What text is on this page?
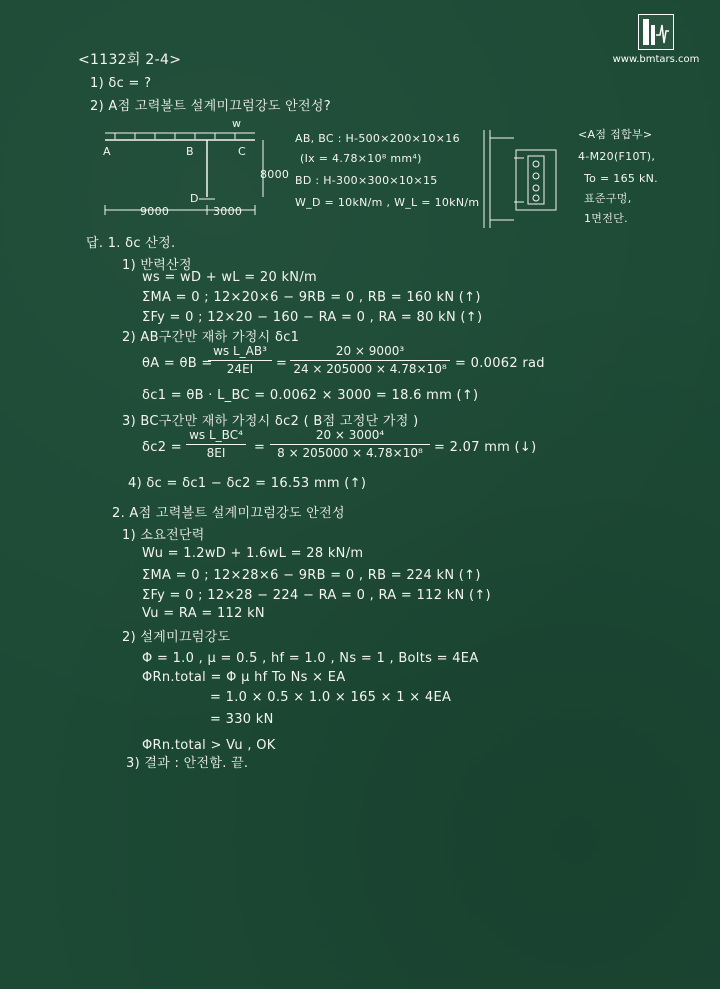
www.bmtars.com
<1132회 2-4>
1) δc = ?
2) A점 고력볼트 설계미끄럼강도 안전성?
w
A	B	C
D
8000
9000	3000
AB, BC : H-500×200×10×16
(Ix = 4.78×10⁸ mm⁴)
BD : H-300×300×10×15
W_D = 10kN/m , W_L = 10kN/m
<A점 접합부>
4-M20(F10T),
To = 165 kN.
표준구멍,
1면전단.
답. 1. δc 산정.
1) 반력산정
ws = wD + wL = 20 kN/m
ΣMA = 0 ; 12×20×6 − 9RB = 0 , RB = 160 kN (↑)
ΣFy = 0 ; 12×20 − 160 − RA = 0 , RA = 80 kN (↑)
2) AB구간만 재하 가정시 δc1
θA = θB =
ws L_AB³
24EI	=
20 × 9000³
24 × 205000 × 4.78×10⁸ = 0.0062 rad
δc1 = θB · L_BC = 0.0062 × 3000 = 18.6 mm (↑)
3) BC구간만 재하 가정시 δc2 ( B점 고정단 가정 )
δc2 =
ws L_BC⁴
8EI	=
20 × 3000⁴
8 × 205000 × 4.78×10⁸ = 2.07 mm (↓)
4) δc = δc1 − δc2 = 16.53 mm (↑)
2. A점 고력볼트 설계미끄럼강도 안전성
1) 소요전단력
Wu = 1.2wD + 1.6wL = 28 kN/m
ΣMA = 0 ; 12×28×6 − 9RB = 0 , RB = 224 kN (↑)
ΣFy = 0 ; 12×28 − 224 − RA = 0 , RA = 112 kN (↑)
Vu = RA = 112 kN
2) 설계미끄럼강도
Φ = 1.0 , μ = 0.5 , hf = 1.0 , Ns = 1 , Bolts = 4EA
ΦRn.total = Φ μ hf To Ns × EA
= 1.0 × 0.5 × 1.0 × 165 × 1 × 4EA
= 330 kN
ΦRn.total > Vu , OK
3) 결과 : 안전함. 끝.
